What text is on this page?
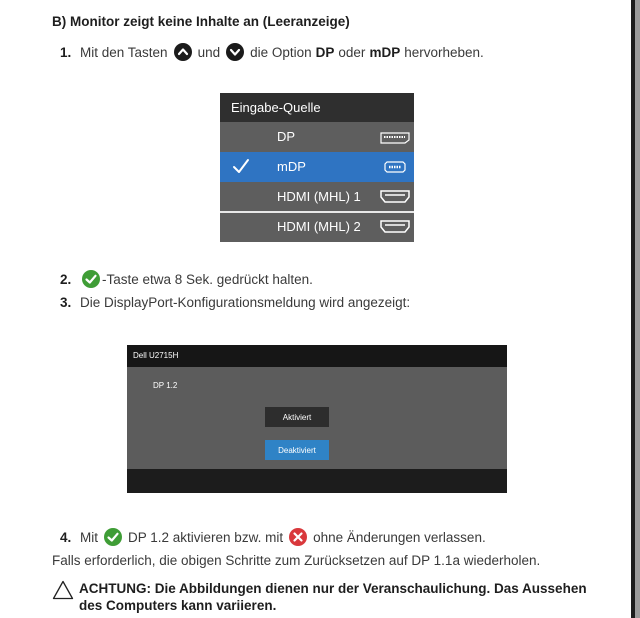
B) Monitor zeigt keine Inhalte an (Leeranzeige)
1. Mit den Tasten und die Option DP oder mDP hervorheben.
Eingabe-Quelle
DP
mDP
HDMI (MHL) 1
HDMI (MHL) 2
2.	-Taste etwa 8 Sek. gedrückt halten.
3. Die DisplayPort-Konfigurationsmeldung wird angezeigt:
Dell U2715H
DP 1.2
Aktiviert
Deaktiviert
4. Mit DP 1.2 aktivieren bzw. mit ohne Änderungen verlassen.
Falls erforderlich, die obigen Schritte zum Zurücksetzen auf DP 1.1a wiederholen.
ACHTUNG: Die Abbildungen dienen nur der Veranschaulichung. Das Aussehen des Computers kann variieren.
